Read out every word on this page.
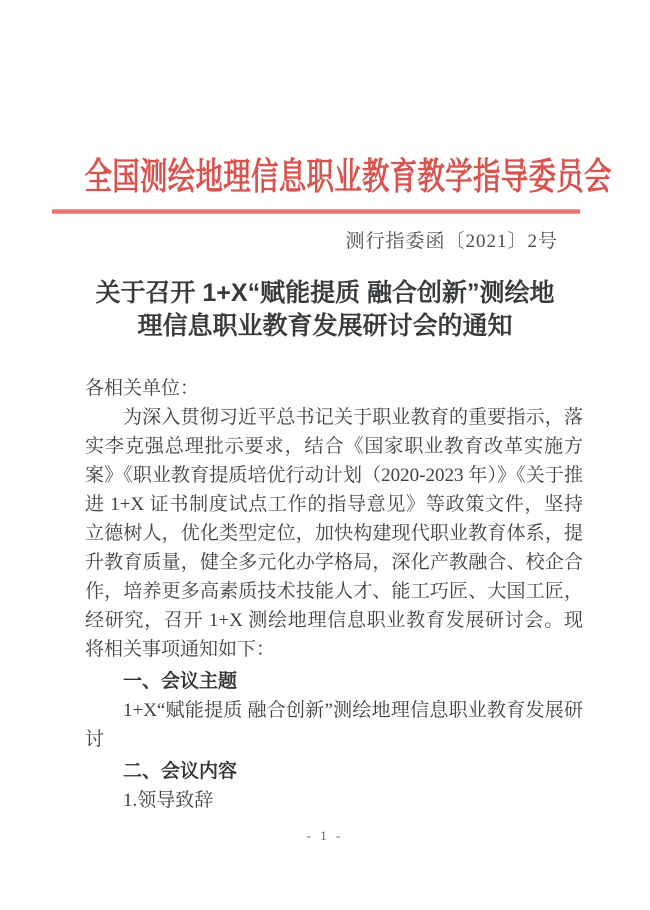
全国测绘地理信息职业教育教学指导委员会
测行指委函〔2021〕2号
关于召开 1+X“赋能提质 融合创新”测绘地理信息职业教育发展研讨会的通知

各相关单位：

为深入贯彻习近平总书记关于职业教育的重要指示，落实李克强总理批示要求，结合《国家职业教育改革实施方案》《职业教育提质培优行动计划（2020-2023 年）》《关于推进 1+X 证书制度试点工作的指导意见》等政策文件，坚持立德树人，优化类型定位，加快构建现代职业教育体系，提升教育质量，健全多元化办学格局，深化产教融合、校企合作，培养更多高素质技术技能人才、能工巧匠、大国工匠，经研究，召开 1+X 测绘地理信息职业教育发展研讨会。现将相关事项通知如下：

一、会议主题

1+X“赋能提质 融合创新”测绘地理信息职业教育发展研讨

二、会议内容

1.领导致辞

- 1 -
